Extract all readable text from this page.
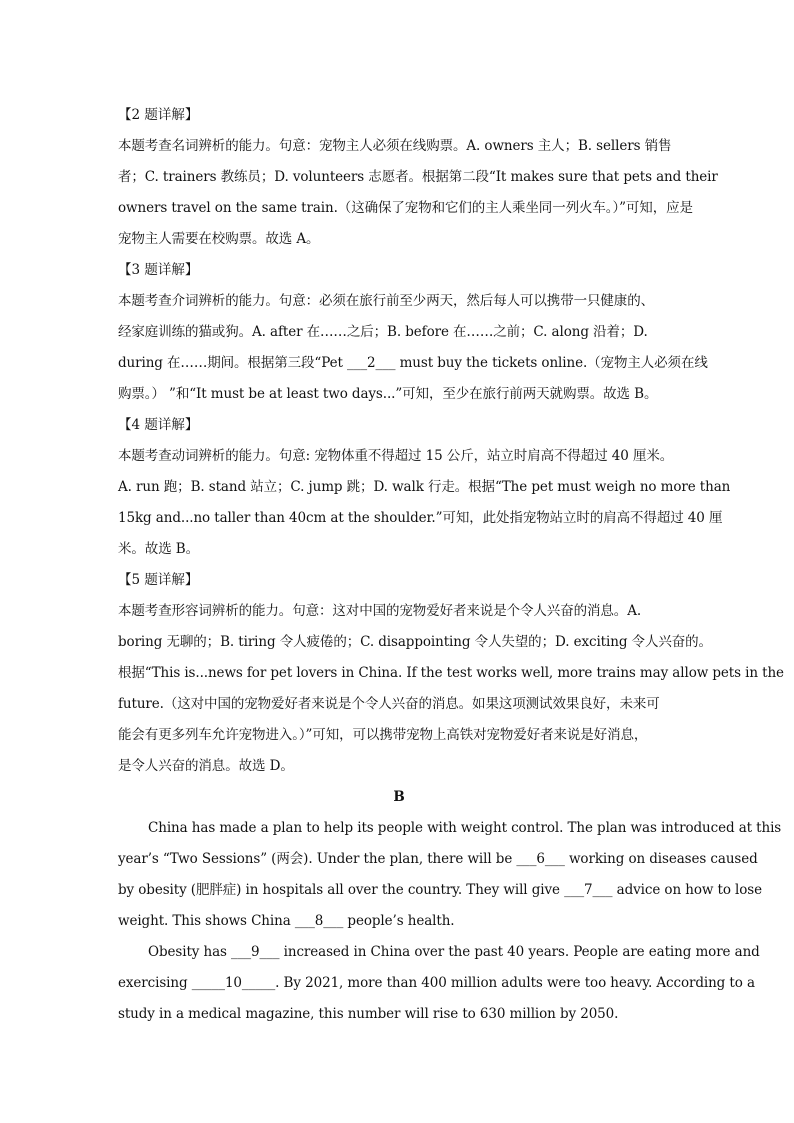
【2 题详解】
本题考查名词辨析的能力。句意：宠物主人必须在线购票。A. owners 主人；B. sellers 销售
者；C. trainers 教练员；D. volunteers 志愿者。根据第二段“It makes sure that pets and their
owners travel on the same train.（这确保了宠物和它们的主人乘坐同一列火车。）”可知，应是
宠物主人需要在校购票。故选 A。
【3 题详解】
本题考查介词辨析的能力。句意：必须在旅行前至少两天，然后每人可以携带一只健康的、
经家庭训练的猫或狗。A. after 在……之后；B. before 在……之前；C. along 沿着；D.
during 在……期间。根据第三段“Pet ___2___ must buy the tickets online.（宠物主人必须在线
购票。） ”和“It must be at least two days...”可知，至少在旅行前两天就购票。故选 B。
【4 题详解】
本题考查动词辨析的能力。句意: 宠物体重不得超过 15 公斤，站立时肩高不得超过 40 厘米。
A. run 跑；B. stand 站立；C. jump 跳；D. walk 行走。根据“The pet must weigh no more than
15kg and...no taller than 40cm at the shoulder.”可知，此处指宠物站立时的肩高不得超过 40 厘
米。故选 B。
【5 题详解】
本题考查形容词辨析的能力。句意：这对中国的宠物爱好者来说是个令人兴奋的消息。A.
boring 无聊的；B. tiring 令人疲倦的；C. disappointing 令人失望的；D. exciting 令人兴奋的。
根据“This is...news for pet lovers in China. If the test works well, more trains may allow pets in the
future.（这对中国的宠物爱好者来说是个令人兴奋的消息。如果这项测试效果良好，未来可
能会有更多列车允许宠物进入。）”可知，可以携带宠物上高铁对宠物爱好者来说是好消息，
是令人兴奋的消息。故选 D。
B
China has made a plan to help its people with weight control. The plan was introduced at this
year’s “Two Sessions” (两会). Under the plan, there will be ___6___ working on diseases caused
by obesity (肥胖症) in hospitals all over the country. They will give ___7___ advice on how to lose
weight. This shows China ___8___ people’s health.
Obesity has ___9___ increased in China over the past 40 years. People are eating more and
exercising _____10_____. By 2021, more than 400 million adults were too heavy. According to a
study in a medical magazine, this number will rise to 630 million by 2050.
